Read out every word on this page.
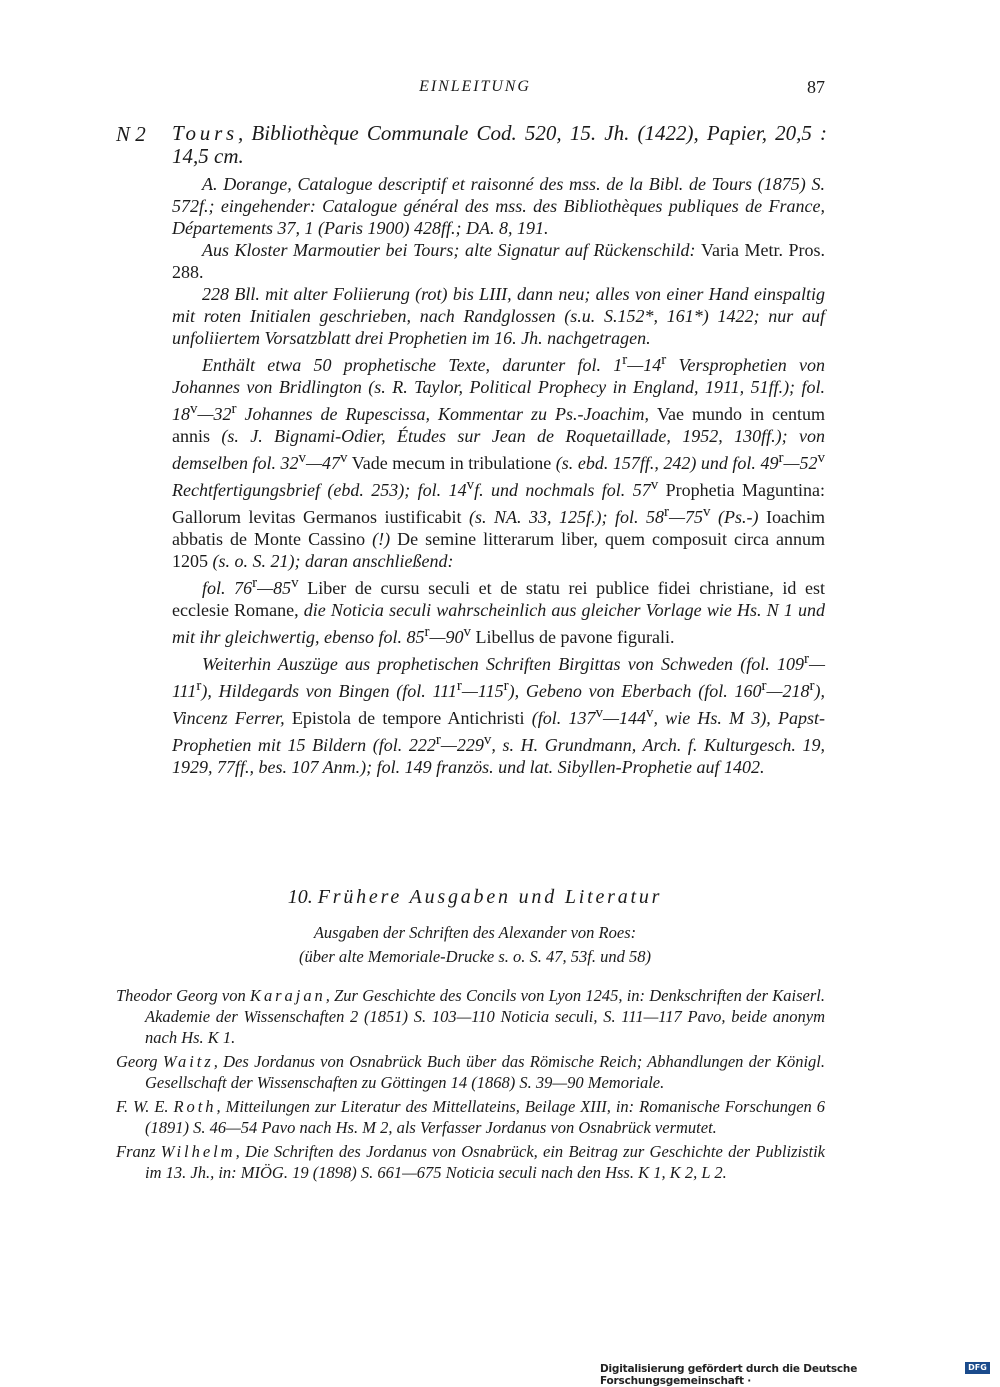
EINLEITUNG	87
N 2 Tours, Bibliothèque Communale Cod. 520, 15. Jh. (1422), Papier, 20,5 : 14,5 cm.

A. Dorange, Catalogue descriptif et raisonné des mss. de la Bibl. de Tours (1875) S. 572f.; eingehender: Catalogue général des mss. des Bibliothèques publiques de France, Départements 37, 1 (Paris 1900) 428ff.; DA. 8, 191.

Aus Kloster Marmoutier bei Tours; alte Signatur auf Rückenschild: Varia Metr. Pros. 288.

228 Bll. mit alter Foliierung (rot) bis LIII, dann neu; alles von einer Hand einspaltig mit roten Initialen geschrieben, nach Randglossen (s.u. S.152*, 161*) 1422; nur auf unfoliiertem Vorsatzblatt drei Prophetien im 16. Jh. nachgetragen.

Enthält etwa 50 prophetische Texte, darunter fol. 1$^r$—14$^r$ Versprophetien von Johannes von Bridlington (s. R. Taylor, Political Prophecy in England, 1911, 51ff.); fol. 18$^v$—32$^r$ Johannes de Rupescissa, Kommentar zu Ps.-Joachim, Vae mundo in centum annis (s. J. Bignami-Odier, Études sur Jean de Roquetaillade, 1952, 130ff.); von demselben fol. 32$^v$—47$^v$ Vade mecum in tribulatione (s. ebd. 157ff., 242) und fol. 49$^r$—52$^v$ Rechtfertigungsbrief (ebd. 253); fol. 14$^v$f. und nochmals fol. 57$^v$ Prophetia Maguntina: Gallorum levitas Germanos iustificabit (s. NA. 33, 125f.); fol. 58$^r$—75$^v$ (Ps.-) Ioachim abbatis de Monte Cassino (!) De semine litterarum liber, quem composuit circa annum 1205 (s. o. S. 21); daran anschließend:

fol. 76$^r$—85$^v$ Liber de cursu seculi et de statu rei publice fidei christiane, id est ecclesie Romane, die Noticia seculi wahrscheinlich aus gleicher Vorlage wie Hs. N 1 und mit ihr gleichwertig, ebenso fol. 85$^r$—90$^v$ Libellus de pavone figurali.

Weiterhin Auszüge aus prophetischen Schriften Birgittas von Schweden (fol. 109$^r$—111$^r$), Hildegards von Bingen (fol. 111$^r$—115$^r$), Gebeno von Eberbach (fol. 160$^r$—218$^r$), Vincenz Ferrer, Epistola de tempore Antichristi (fol. 137$^v$—144$^v$, wie Hs. M 3), Papst-Prophetien mit 15 Bildern (fol. 222$^r$—229$^v$, s. H. Grundmann, Arch. f. Kulturgesch. 19, 1929, 77ff., bes. 107 Anm.); fol. 149 französ. und lat. Sibyllen-Prophetie auf 1402.

10. Frühere Ausgaben und Literatur

Ausgaben der Schriften des Alexander von Roes:

(über alte Memoriale-Drucke s. o. S. 47, 53f. und 58)

Theodor Georg von Karajan, Zur Geschichte des Concils von Lyon 1245, in: Denkschriften der Kaiserl. Akademie der Wissenschaften 2 (1851) S. 103—110 Noticia seculi, S. 111—117 Pavo, beide anonym nach Hs. K 1.

Georg Waitz, Des Jordanus von Osnabrück Buch über das Römische Reich; Abhandlungen der Königl. Gesellschaft der Wissenschaften zu Göttingen 14 (1868) S. 39—90 Memoriale.

F. W. E. Roth, Mitteilungen zur Literatur des Mittellateins, Beilage XIII, in: Romanische Forschungen 6 (1891) S. 46—54 Pavo nach Hs. M 2, als Verfasser Jordanus von Osnabrück vermutet.

Franz Wilhelm, Die Schriften des Jordanus von Osnabrück, ein Beitrag zur Geschichte der Publizistik im 13. Jh., in: MIÖG. 19 (1898) S. 661—675 Noticia seculi nach den Hss. K 1, K 2, L 2.

Digitalisierung gefördert durch die Deutsche Forschungsgemeinschaft ·
DFG
